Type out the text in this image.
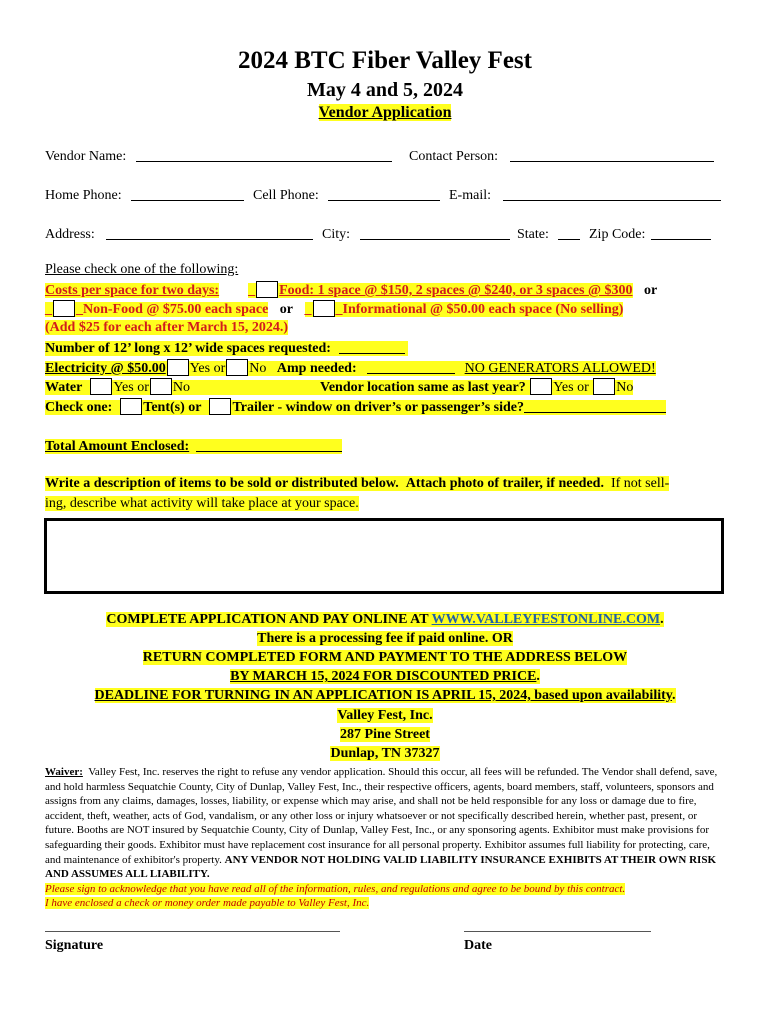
2024 BTC Fiber Valley Fest
May 4 and 5, 2024
Vendor Application
Vendor Name:	Contact Person:
Home Phone:	Cell Phone:	E-mail:
Address:	City:	State:	Zip Code:
Please check one of the following:
Costs per space for two days: _ Food: 1 space @ $150, 2 spaces @ $240, or 3 spaces @ $300 or
_ _Non-Food @ $75.00 each space or _ _Informational @ $50.00 each space (No selling)
(Add $25 for each after March 15, 2024.)
Number of 12’ long x 12’ wide spaces requested:
Electricity @ $50.00 Yes or No Amp needed:	NO GENERATORS ALLOWED!
Water Yes or No	Vendor location same as last year? Yes or No
Check one: Tent(s) or Trailer - window on driver’s or passenger’s side?
Total Amount Enclosed:
Write a description of items to be sold or distributed below. Attach photo of trailer, if needed. If not sell-
ing, describe what activity will take place at your space.
COMPLETE APPLICATION AND PAY ONLINE AT WWW.VALLEYFESTONLINE.COM.
There is a processing fee if paid online. OR
RETURN COMPLETED FORM AND PAYMENT TO THE ADDRESS BELOW
BY MARCH 15, 2024 FOR DISCOUNTED PRICE.
DEADLINE FOR TURNING IN AN APPLICATION IS APRIL 15, 2024, based upon availability.
Valley Fest, Inc.
287 Pine Street
Dunlap, TN 37327
Waiver: Valley Fest, Inc. reserves the right to refuse any vendor application. Should this occur, all fees will be refunded. The Vendor shall defend, save, and hold harmless Sequatchie County, City of Dunlap, Valley Fest, Inc., their respective officers, agents, board members, staff, volunteers, sponsors and assigns from any claims, damages, losses, liability, or expense which may arise, and shall not be held responsible for any loss or damage due to fire, accident, theft, weather, acts of God, vandalism, or any other loss or injury whatsoever or not specifically described herein, whether past, present, or future. Booths are NOT insured by Sequatchie County, City of Dunlap, Valley Fest, Inc., or any sponsoring agents. Exhibitor must make provisions for safeguarding their goods. Exhibitor must have replacement cost insurance for all personal property. Exhibitor assumes full liability for protecting, care, and maintenance of exhibitor's property. ANY VENDOR NOT HOLDING VALID LIABILITY INSURANCE EXHIBITS AT THEIR OWN RISK AND ASSUMES ALL LIABILITY.
Please sign to acknowledge that you have read all of the information, rules, and regulations and agree to be bound by this contract.
I have enclosed a check or money order made payable to Valley Fest, Inc.
Signature	Date
